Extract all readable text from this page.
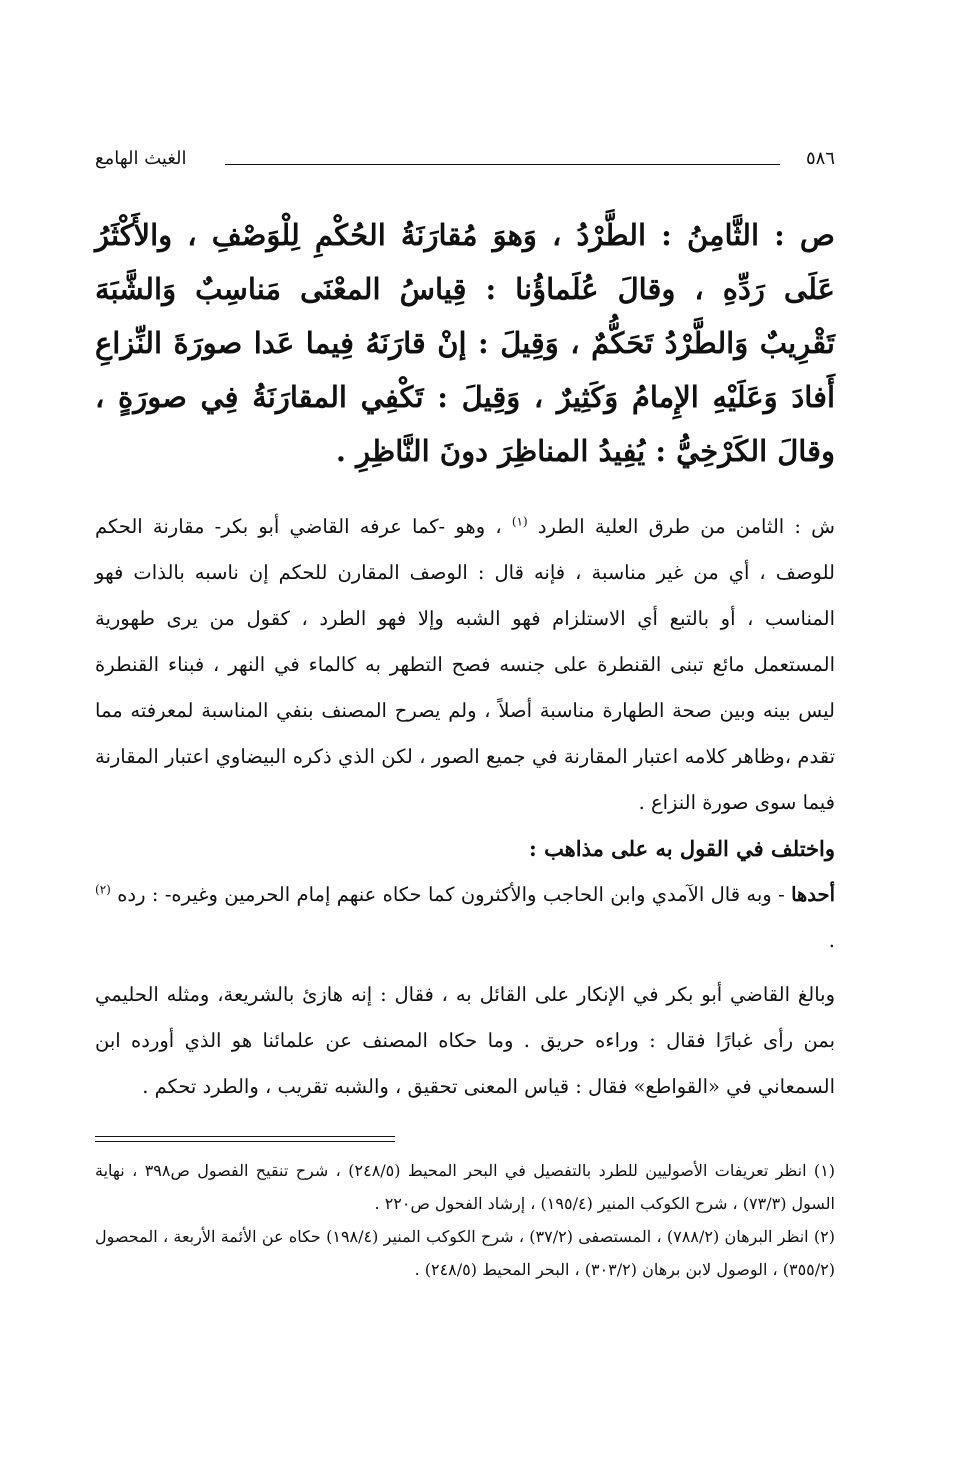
٥٨٦
الغيث الهامع
ص : الثَّامِنُ : الطَّرْدُ ، وَهوَ مُقارَنَةُ الحُكْمِ لِلْوَصْفِ ، والأَكْثَرُ عَلَى رَدِّهِ ، وقالَ عُلَماؤُنا : قِياسُ المعْنَى مَناسِبٌ وَالشَّبَهَ تَقْرِيبٌ وَالطَّرْدُ تَحَكُّمٌ ، وَقِيلَ : إنْ قارَنَهُ فِيما عَدا صورَةَ النِّزاعِ أَفادَ وَعَلَيْهِ الإِمامُ وَكَثِيرٌ ، وَقِيلَ : تَكْفِي المقارَنَةُ فِي صورَةٍ ، وقالَ الكَرْخِيُّ : يُفِيدُ المناظِرَ دونَ النَّاظِرِ .

ش : الثامن من طرق العلية الطرد $^{(١)}$ ، وهو -كما عرفه القاضي أبو بكر- مقارنة الحكم للوصف ، أي من غير مناسبة ، فإنه قال : الوصف المقارن للحكم إن ناسبه بالذات فهو المناسب ، أو بالتبع أي الاستلزام فهو الشبه وإلا فهو الطرد ، كقول من يرى طهورية المستعمل مائع تبنى القنطرة على جنسه فصح التطهر به كالماء في النهر ، فبناء القنطرة ليس بينه وبين صحة الطهارة مناسبة أصلاً ، ولم يصرح المصنف بنفي المناسبة لمعرفته مما تقدم ،وظاهر كلامه اعتبار المقارنة في جميع الصور ، لكن الذي ذكره البيضاوي اعتبار المقارنة فيما سوى صورة النزاع .

واختلف في القول به على مذاهب :

أحدها - وبه قال الآمدي وابن الحاجب والأكثرون كما حكاه عنهم إمام الحرمين وغيره- : رده $^{(٢)}$ .

وبالغ القاضي أبو بكر في الإنكار على القائل به ، فقال : إنه هازئ بالشريعة، ومثله الحليمي بمن رأى غبارًا فقال : وراءه حريق . وما حكاه المصنف عن علمائنا هو الذي أورده ابن السمعاني في «القواطع» فقال : قياس المعنى تحقيق ، والشبه تقريب ، والطرد تحكم .

(١) انظر تعريفات الأصوليين للطرد بالتفصيل في البحر المحيط (٢٤٨/٥) ، شرح تنقيح الفصول ص٣٩٨ ، نهاية السول (٧٣/٣) ، شرح الكوكب المنير (١٩٥/٤) ، إرشاد الفحول ص٢٢٠ .

(٢) انظر البرهان (٧٨٨/٢) ، المستصفى (٣٧/٢) ، شرح الكوكب المنير (١٩٨/٤) حكاه عن الأئمة الأربعة ، المحصول (٣٥٥/٢) ، الوصول لابن برهان (٣٠٣/٢) ، البحر المحيط (٢٤٨/٥) .
